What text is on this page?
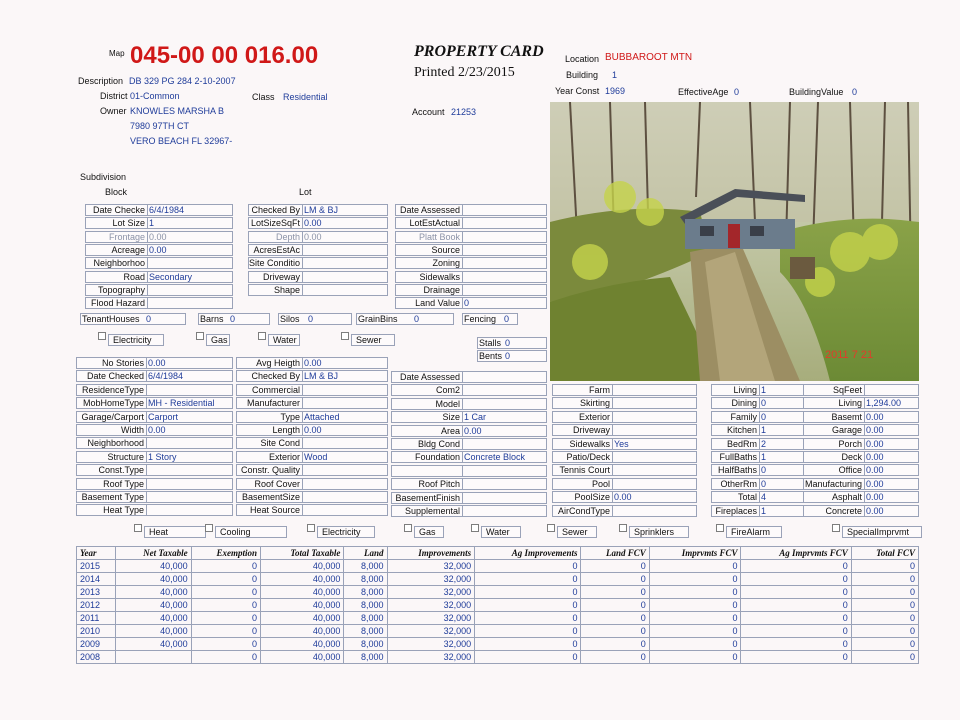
Map 045-00 00 016.00	PROPERTY CARD
Printed 2/23/2015
Location BUBBAROOT MTN
Building 1
Year Const 1969	EffectiveAge 0	BuildingValue 0
Description DB 329 PG 284 2-10-2007
District 01-Common	Class Residential
Owner KNOWLES MARSHA B
7980 97TH CT
VERO BEACH FL 32967-
Account 21253
Subdivision
Block	Lot
2011 7 21
Date Checke 6/4/1984
Lot Size 1
Frontage 0.00
Acreage 0.00
Neighborhoo
Road Secondary
Topography
Flood Hazard
Checked By LM & BJ
LotSizeSqFt 0.00
Depth 0.00
AcresEstAc
Site Conditio
Driveway
Shape
Date Assessed
LotEstActual
Platt Book
Source
Zoning
Sidewalks
Drainage
Land Value 0
TenantHouses 0	Barns 0	Silos 0	GrainBins 0	Fencing 0
Electricity	Gas	Water	Sewer	Stalls 0
Bents 0
No Stories 0.00
Date Checked 6/4/1984
ResidenceType
MobHomeType MH - Residential
Garage/Carport Carport
Width 0.00
Neighborhood
Structure 1 Story
Const.Type
Roof Type
Basement Type
Heat Type
Avg Heigth 0.00
Checked By LM & BJ
Commercial
Manufacturer
Type Attached
Length 0.00
Site Cond
Exterior Wood
Constr. Quality
Roof Cover
BasementSize
Heat Source
Date Assessed
Com2
Model
Size 1 Car
Area 0.00
Bldg Cond
Foundation Concrete Block
Roof Pitch
BasementFinish
Supplemental
Farm
Skirting
Exterior
Driveway
Sidewalks Yes
Patio/Deck
Tennis Court
Pool
PoolSize 0.00
AirCondType
Living 1
Dining 0
Family 0
Kitchen 1
BedRm 2
FullBaths 1
HalfBaths 0
OtherRm 0
Total 4
Fireplaces 1
SqFeet
Living 1,294.00
Basemt 0.00
Garage 0.00
Porch 0.00
Deck 0.00
Office 0.00
Manufacturing 0.00
Asphalt 0.00
Concrete 0.00
Heat	Cooling	Electricity	Gas	Water	Sewer	Sprinklers	FireAlarm	SpecialImprvmt
Year	Net Taxable	Exemption	Total Taxable	Land	Improvements	Ag Improvements	Land FCV	Imprvmts FCV	Ag Imprvmts FCV	Total FCV
2015	40,000	0	40,000	8,000	32,000	0	0	0	0	0
2014	40,000	0	40,000	8,000	32,000	0	0	0	0	0
2013	40,000	0	40,000	8,000	32,000	0	0	0	0	0
2012	40,000	0	40,000	8,000	32,000	0	0	0	0	0
2011	40,000	0	40,000	8,000	32,000	0	0	0	0	0
2010	40,000	0	40,000	8,000	32,000	0	0	0	0	0
2009	40,000	0	40,000	8,000	32,000	0	0	0	0	0
2008		0	40,000	8,000	32,000	0	0	0	0	0
